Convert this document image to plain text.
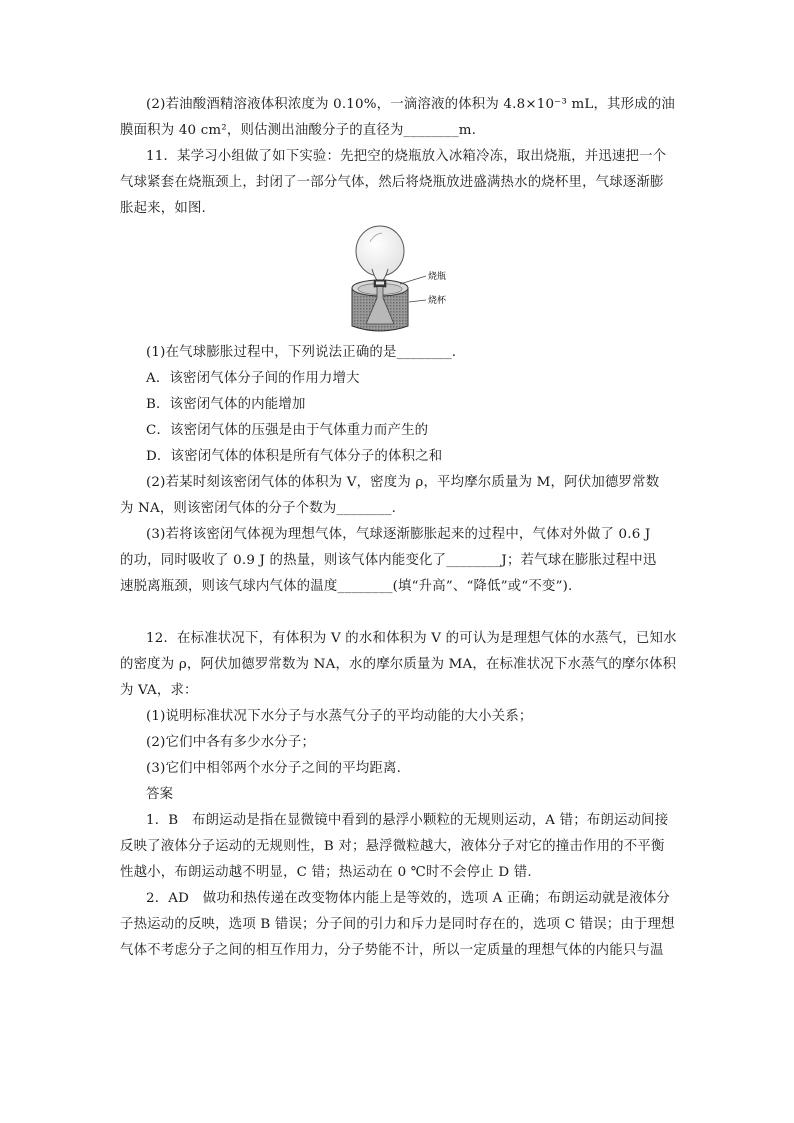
(2)若油酸酒精溶液体积浓度为 0.10%，一滴溶液的体积为 4.8×10⁻³ mL，其形成的油
膜面积为 40 cm²，则估测出油酸分子的直径为________m.
11．某学习小组做了如下实验：先把空的烧瓶放入冰箱冷冻，取出烧瓶，并迅速把一个
气球紧套在烧瓶颈上，封闭了一部分气体，然后将烧瓶放进盛满热水的烧杯里，气球逐渐膨
胀起来，如图.
烧瓶
烧杯
(1)在气球膨胀过程中，下列说法正确的是________.
A．该密闭气体分子间的作用力增大
B．该密闭气体的内能增加
C．该密闭气体的压强是由于气体重力而产生的
D．该密闭气体的体积是所有气体分子的体积之和
(2)若某时刻该密闭气体的体积为 V，密度为 ρ，平均摩尔质量为 M，阿伏加德罗常数
为 NA，则该密闭气体的分子个数为________.
(3)若将该密闭气体视为理想气体，气球逐渐膨胀起来的过程中，气体对外做了 0.6 J
的功，同时吸收了 0.9 J 的热量，则该气体内能变化了________J；若气球在膨胀过程中迅
速脱离瓶颈，则该气球内气体的温度________(填“升高”、“降低”或“不变”).
12．在标准状况下，有体积为 V 的水和体积为 V 的可认为是理想气体的水蒸气，已知水
的密度为 ρ，阿伏加德罗常数为 NA，水的摩尔质量为 MA，在标准状况下水蒸气的摩尔体积
为 VA，求：
(1)说明标准状况下水分子与水蒸气分子的平均动能的大小关系；
(2)它们中各有多少水分子；
(3)它们中相邻两个水分子之间的平均距离.
答案
1．B　布朗运动是指在显微镜中看到的悬浮小颗粒的无规则运动，A 错；布朗运动间接
反映了液体分子运动的无规则性，B 对；悬浮微粒越大，液体分子对它的撞击作用的不平衡
性越小，布朗运动越不明显，C 错；热运动在 0 ℃时不会停止 D 错.
2．AD　做功和热传递在改变物体内能上是等效的，选项 A 正确；布朗运动就是液体分
子热运动的反映，选项 B 错误；分子间的引力和斥力是同时存在的，选项 C 错误；由于理想
气体不考虑分子之间的相互作用力，分子势能不计，所以一定质量的理想气体的内能只与温
